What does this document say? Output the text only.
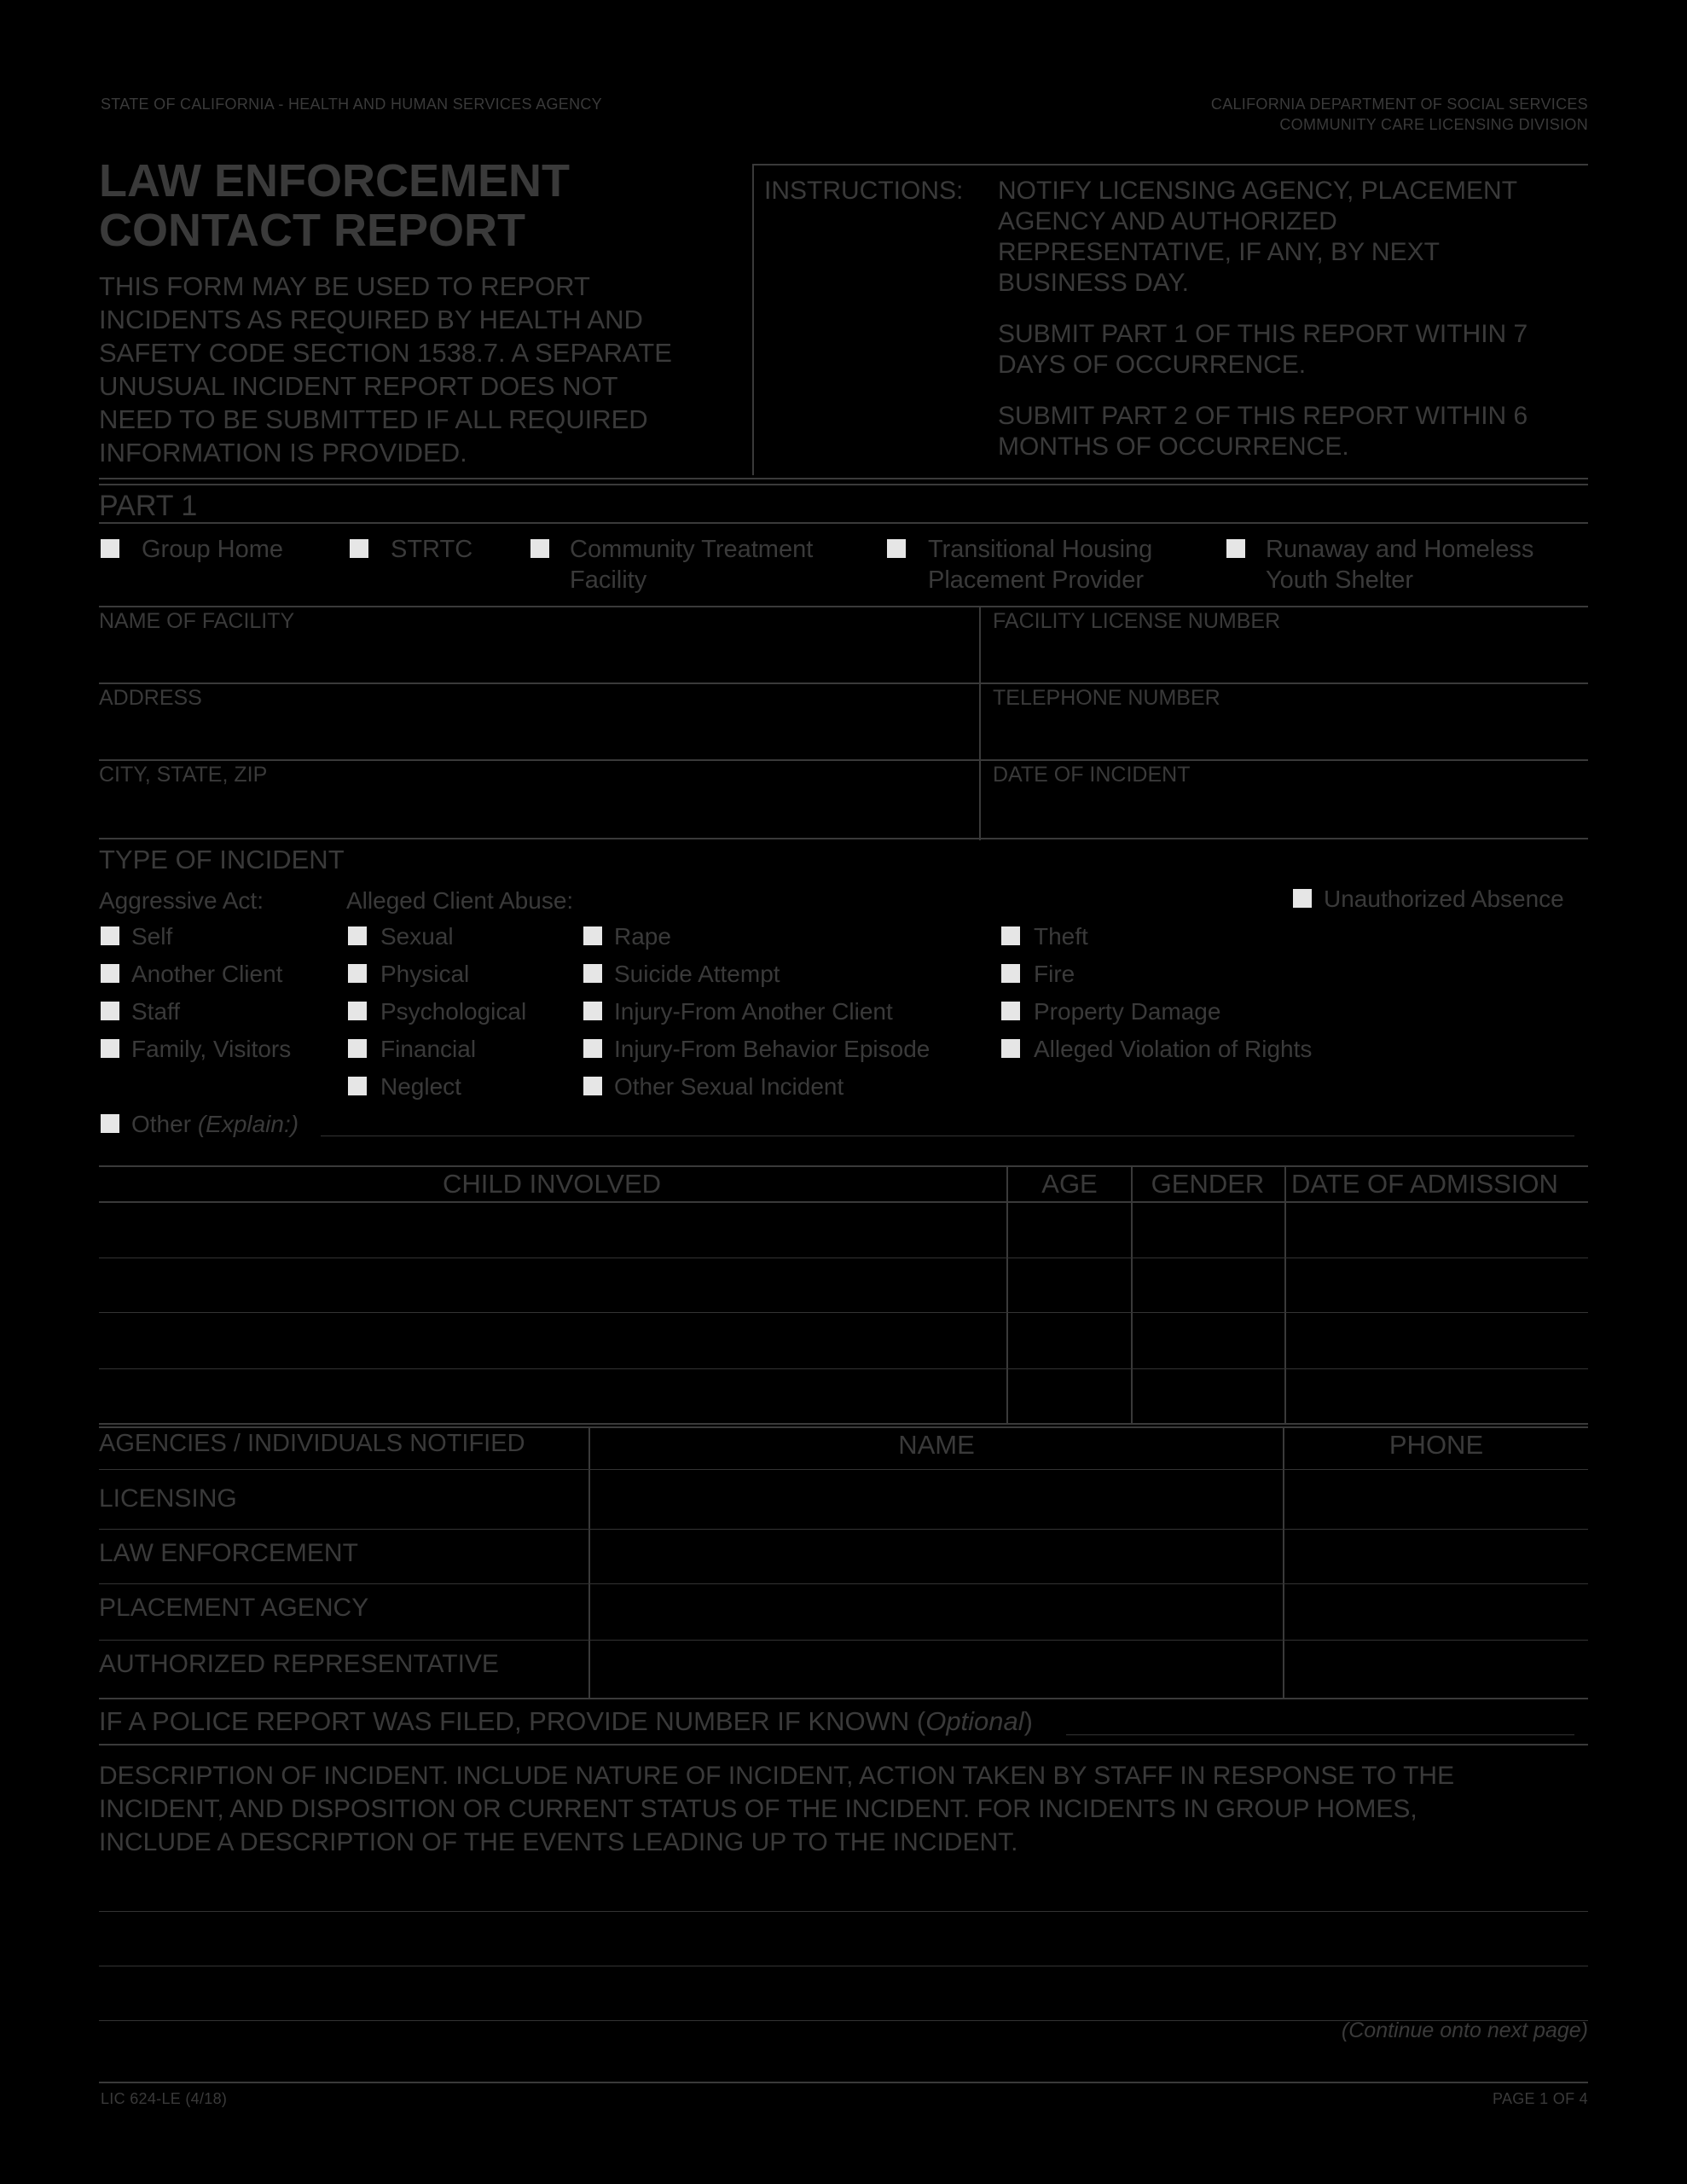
STATE OF CALIFORNIA - HEALTH AND HUMAN SERVICES AGENCY	CALIFORNIA DEPARTMENT OF SOCIAL SERVICES
COMMUNITY CARE LICENSING DIVISION
LAW ENFORCEMENT
CONTACT REPORT
THIS FORM MAY BE USED TO REPORT
INCIDENTS AS REQUIRED BY HEALTH AND
SAFETY CODE SECTION 1538.7. A SEPARATE
UNUSUAL INCIDENT REPORT DOES NOT
NEED TO BE SUBMITTED IF ALL REQUIRED
INFORMATION IS PROVIDED.
INSTRUCTIONS: NOTIFY LICENSING AGENCY, PLACEMENT
AGENCY AND AUTHORIZED
REPRESENTATIVE, IF ANY, BY NEXT
BUSINESS DAY.
SUBMIT PART 1 OF THIS REPORT WITHIN 7
DAYS OF OCCURRENCE.
SUBMIT PART 2 OF THIS REPORT WITHIN 6
MONTHS OF OCCURRENCE.
PART 1
Group Home	STRTC	Community Treatment
Facility
Transitional Housing
Placement Provider
Runaway and Homeless
Youth Shelter
NAME OF FACILITY	FACILITY LICENSE NUMBER
ADDRESS	TELEPHONE NUMBER
CITY, STATE, ZIP	DATE OF INCIDENT
TYPE OF INCIDENT
Aggressive Act:	Alleged Client Abuse:	Unauthorized Absence
Self
Another Client
Staff
Family, Visitors
Sexual
Physical
Psychological
Financial
Neglect
Rape
Suicide Attempt
Injury-From Another Client
Injury-From Behavior Episode
Other Sexual Incident
Theft
Fire
Property Damage
Alleged Violation of Rights
Other (Explain:)
CHILD INVOLVED	AGE	GENDER	DATE OF ADMISSION
AGENCIES / INDIVIDUALS NOTIFIED	NAME	PHONE
LICENSING
LAW ENFORCEMENT
PLACEMENT AGENCY
AUTHORIZED REPRESENTATIVE
IF A POLICE REPORT WAS FILED, PROVIDE NUMBER IF KNOWN (Optional)
DESCRIPTION OF INCIDENT. INCLUDE NATURE OF INCIDENT, ACTION TAKEN BY STAFF IN RESPONSE TO THE
INCIDENT, AND DISPOSITION OR CURRENT STATUS OF THE INCIDENT. FOR INCIDENTS IN GROUP HOMES,
INCLUDE A DESCRIPTION OF THE EVENTS LEADING UP TO THE INCIDENT.
(Continue onto next page)
LIC 624-LE (4/18)	PAGE 1 OF 4
